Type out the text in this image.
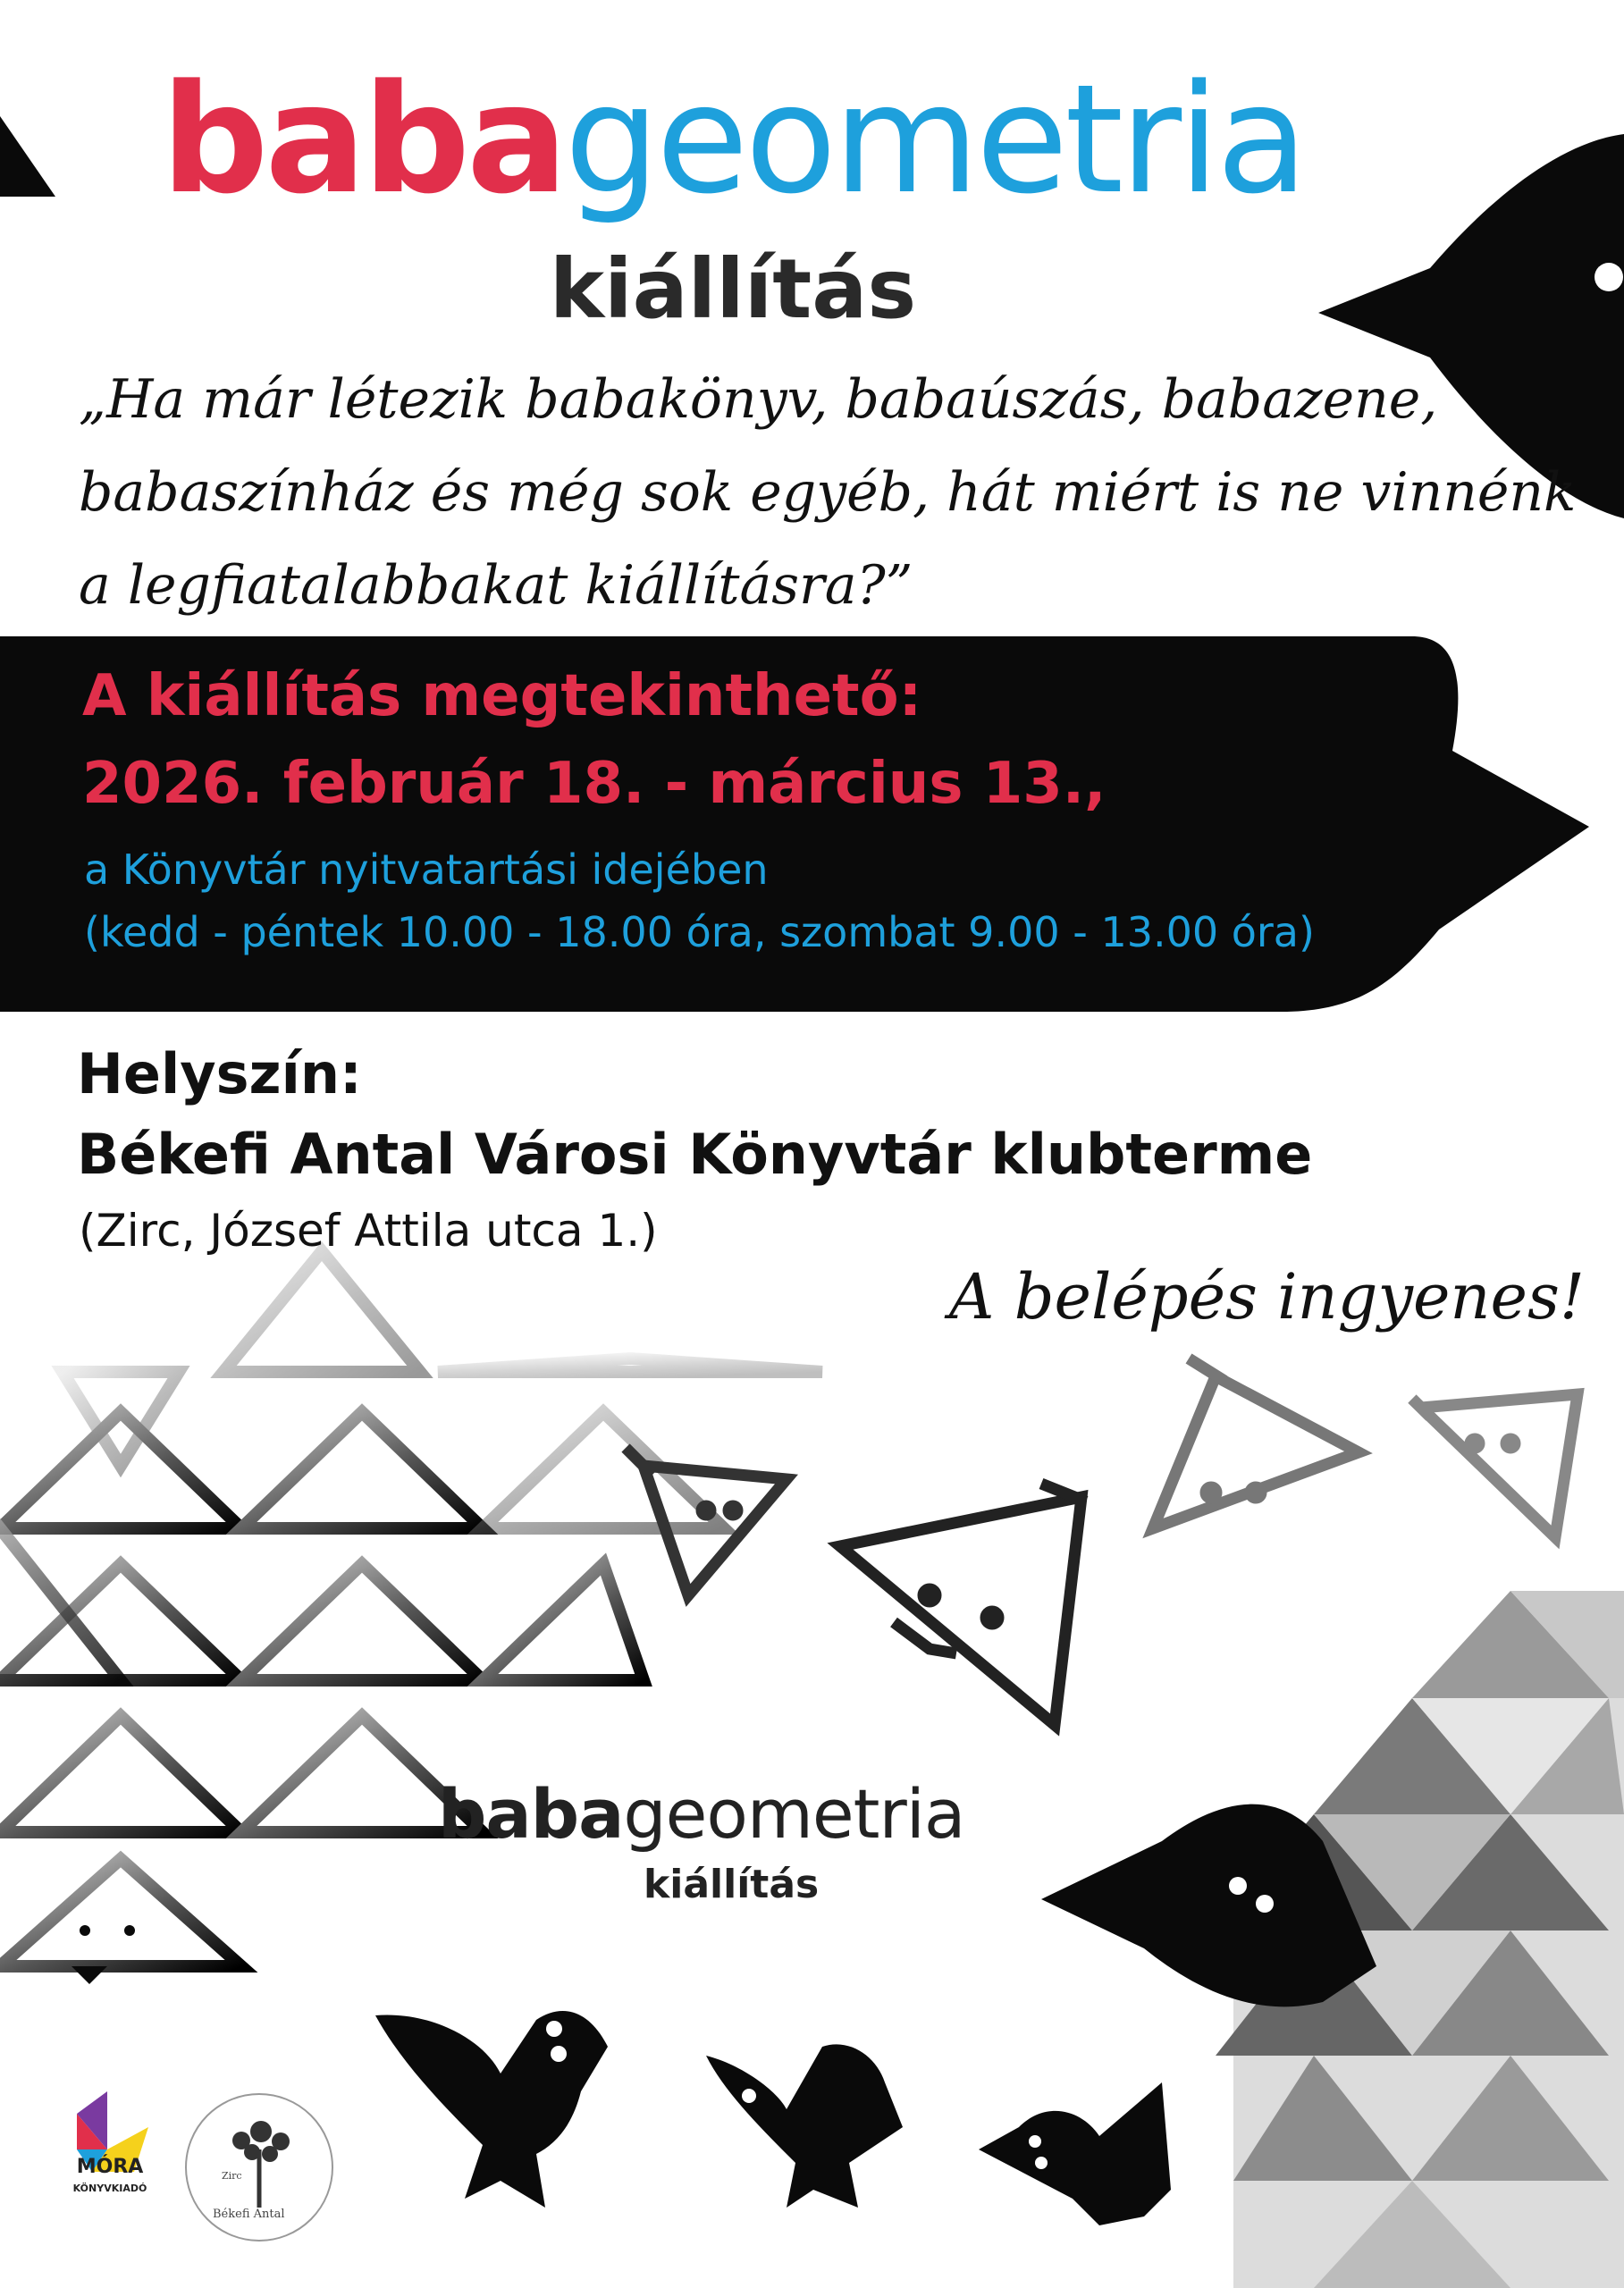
babageometria
kiállítás
„Ha már létezik babakönyv, babaúszás, babazene,
babaszínház és még sok egyéb, hát miért is ne vinnénk
a legfiatalabbakat kiállításra?”
A kiállítás megtekinthető:
2026. február 18. - március 13.,
a Könyvtár nyitvatartási idejében
(kedd - péntek 10.00 - 18.00 óra, szombat 9.00 - 13.00 óra)
Helyszín:
Békefi Antal Városi Könyvtár klubterme
(Zirc, József Attila utca 1.)
A belépés ingyenes!
babageometria
kiállítás
MÓRA
KÖNYVKIADÓ
Zirc
Békefi Antal
